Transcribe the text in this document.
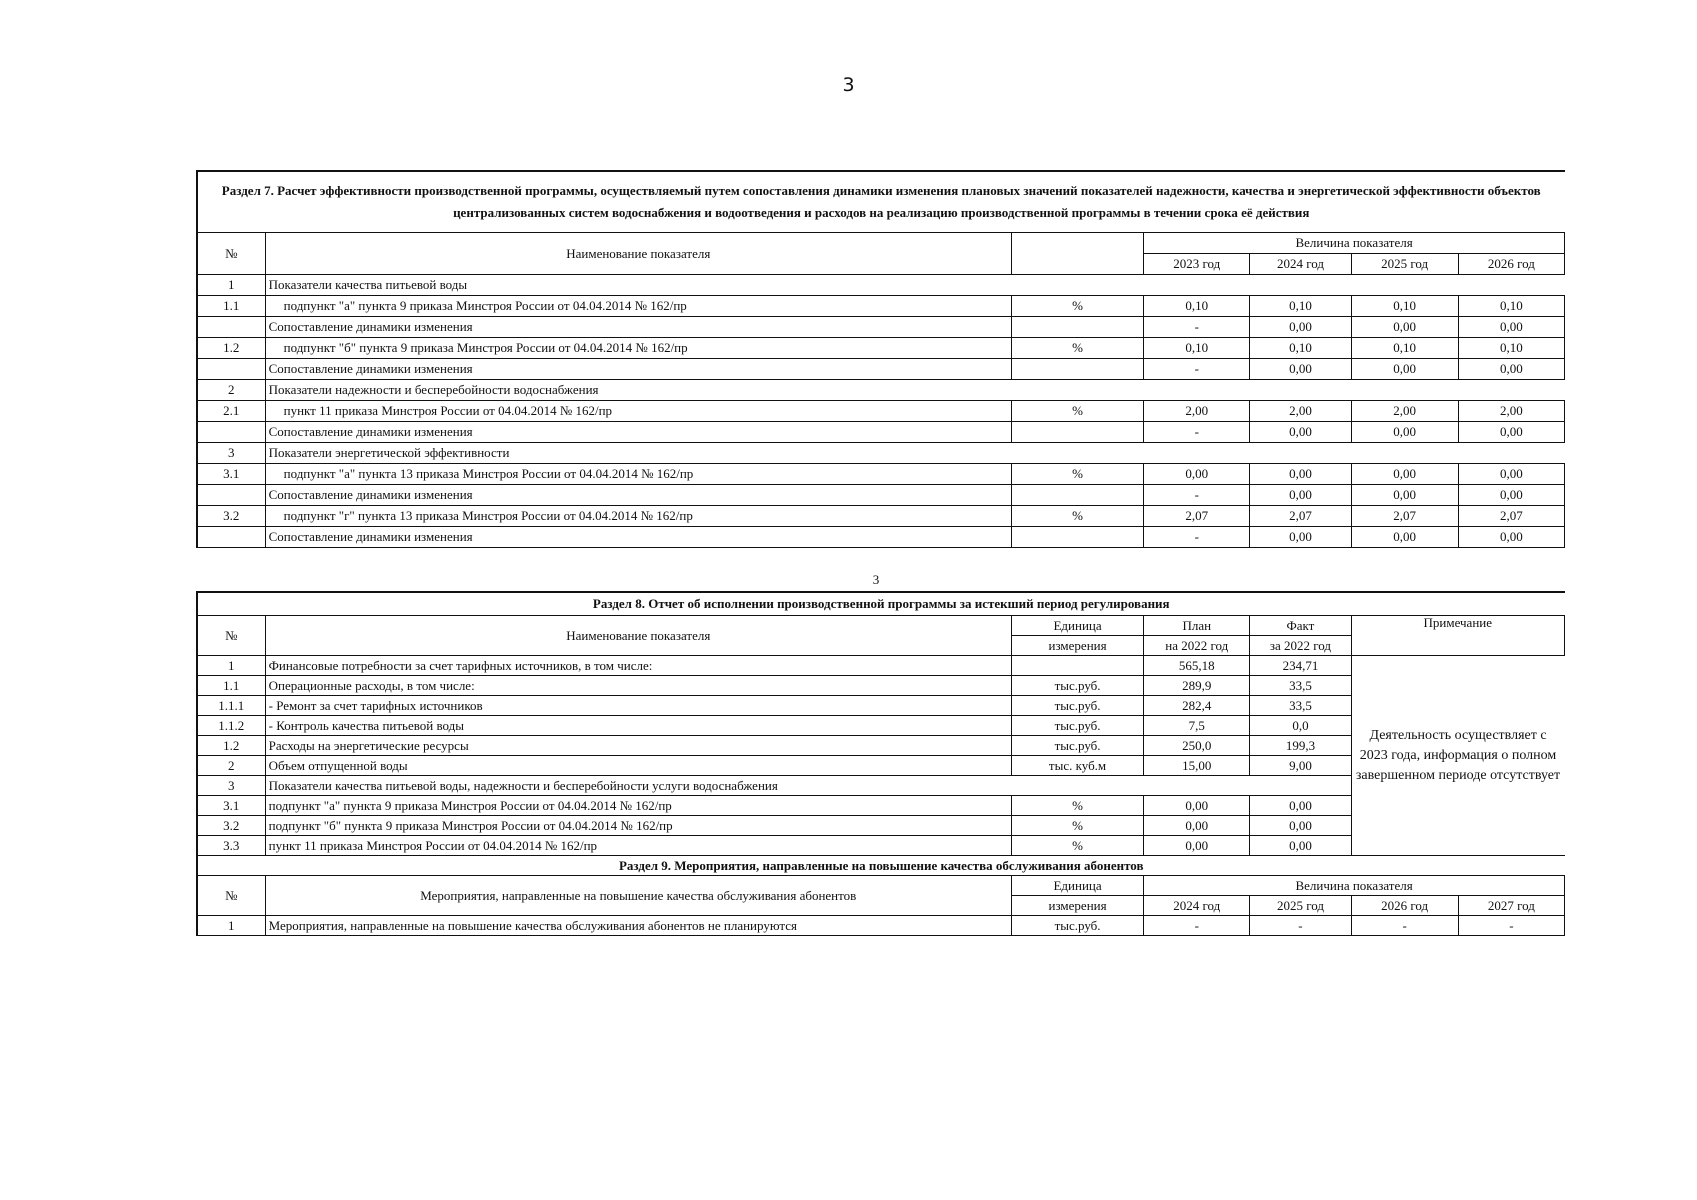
3
Раздел 7. Расчет эффективности производственной программы, осуществляемый путем сопоставления динамики изменения плановых значений показателей надежности, качества и энергетической эффективности объектов централизованных систем водоснабжения и водоотведения и расходов на реализацию производственной программы в течении срока её действия						
№	Наименование показателя		Величина показателя			
			2023 год	2024 год	2025 год	2026 год
1	Показатели качества питьевой воды					
1.1	подпункт "а" пункта 9 приказа Минстроя России от 04.04.2014 № 162/пр	%	0,10	0,10	0,10	0,10
	Сопоставление динамики изменения		-	0,00	0,00	0,00
1.2	подпункт "б" пункта 9 приказа Минстроя России от 04.04.2014 № 162/пр	%	0,10	0,10	0,10	0,10
	Сопоставление динамики изменения		-	0,00	0,00	0,00
2	Показатели надежности и бесперебойности водоснабжения					
2.1	пункт 11 приказа Минстроя России от 04.04.2014 № 162/пр	%	2,00	2,00	2,00	2,00
	Сопоставление динамики изменения		-	0,00	0,00	0,00
3	Показатели энергетической эффективности					
3.1	подпункт "а" пункта 13 приказа Минстроя России от 04.04.2014 № 162/пр	%	0,00	0,00	0,00	0,00
	Сопоставление динамики изменения		-	0,00	0,00	0,00
3.2	подпункт "г" пункта 13 приказа Минстроя России от 04.04.2014 № 162/пр	%	2,07	2,07	2,07	2,07
	Сопоставление динамики изменения		-	0,00	0,00	0,00
3
Раздел 8. Отчет об исполнении производственной программы за истекший период регулирования						
№	Наименование показателя	Единица	План	Факт	Примечание	
		измерения	на 2022 год	за 2022 год		
1	Финансовые потребности за счет тарифных источников, в том числе:		565,18	234,71	Деятельность осуществляет с 2023 года, информация о полном завершенном периоде отсутствует	
1.1	Операционные расходы, в том числе:	тыс.руб.	289,9	33,5		
1.1.1	- Ремонт за счет тарифных источников	тыс.руб.	282,4	33,5		
1.1.2	- Контроль качества питьевой воды	тыс.руб.	7,5	0,0		
1.2	Расходы на энергетические ресурсы	тыс.руб.	250,0	199,3		
2	Объем отпущенной воды	тыс. куб.м	15,00	9,00		
3	Показатели качества питьевой воды, надежности и бесперебойности услуги водоснабжения					
3.1	подпункт "а" пункта 9 приказа Минстроя России от 04.04.2014 № 162/пр	%	0,00	0,00		
3.2	подпункт "б" пункта 9 приказа Минстроя России от 04.04.2014 № 162/пр	%	0,00	0,00		
3.3	пункт 11 приказа Минстроя России от 04.04.2014 № 162/пр	%	0,00	0,00		
Раздел 9. Мероприятия, направленные на повышение качества обслуживания абонентов						
№	Мероприятия, направленные на повышение качества обслуживания абонентов	Единица	Величина показателя			
		измерения	2024 год	2025 год	2026 год	2027 год
1	Мероприятия, направленные на повышение качества обслуживания абонентов не планируются	тыс.руб.	-	-	-	-
